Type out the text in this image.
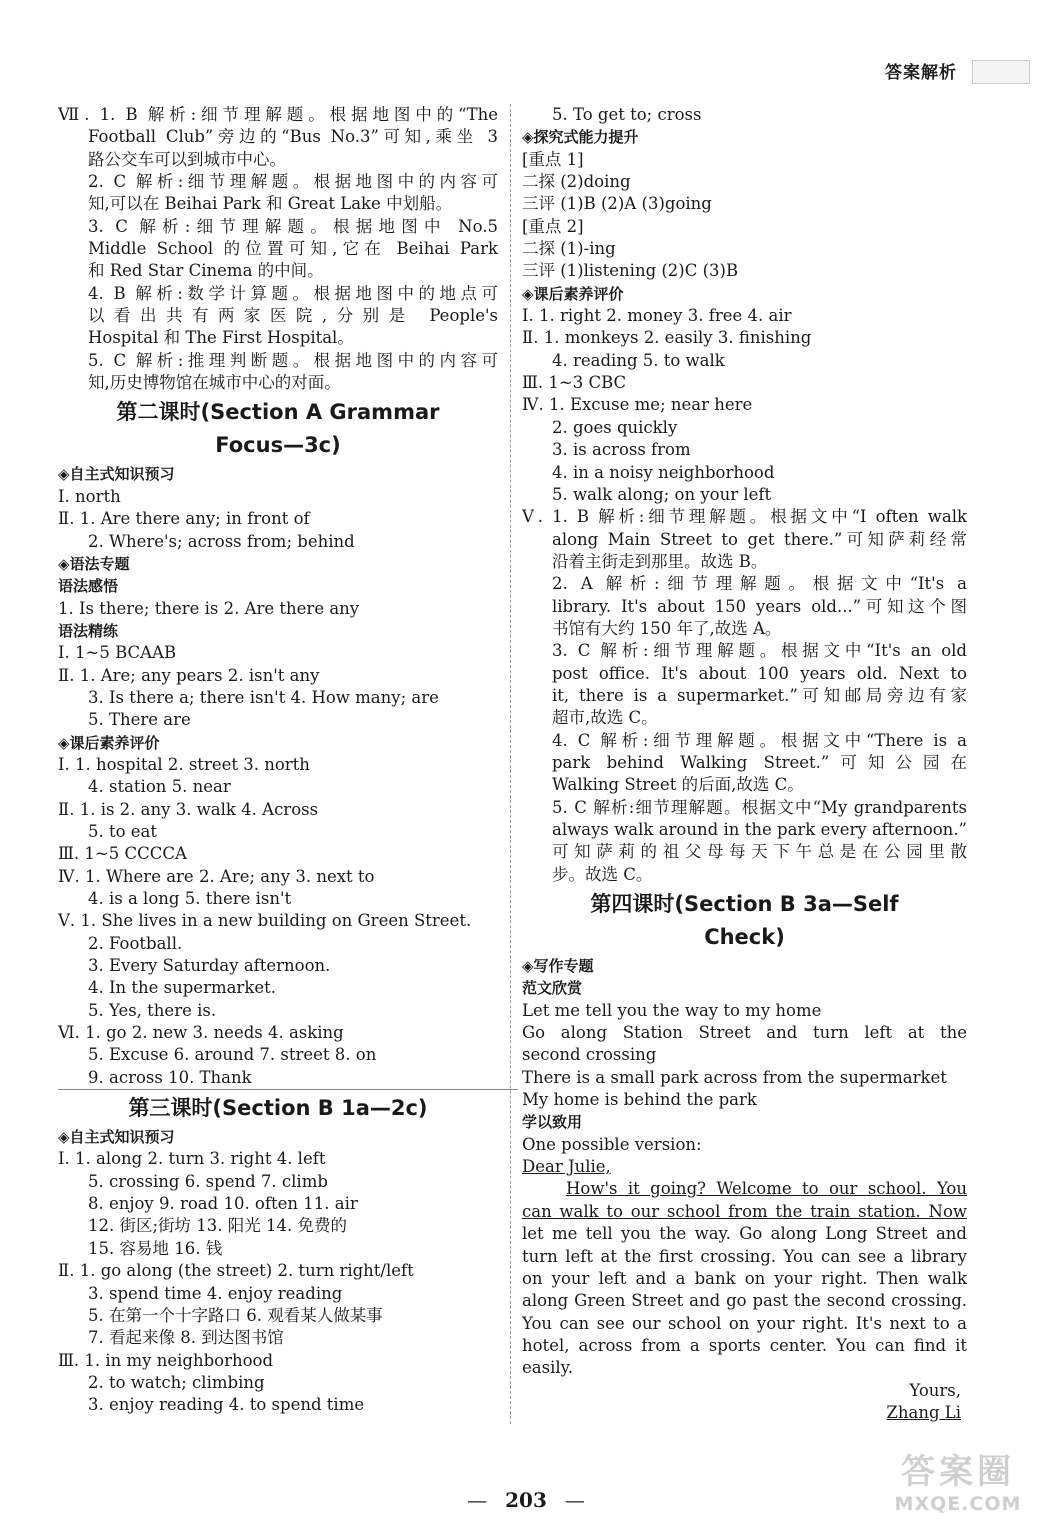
答案解析
Ⅶ. 1. B 解析:细节理解题。根据地图中的“The
Football Club”旁边的“Bus No.3”可知,乘坐 3
路公交车可以到城市中心。
2. C 解析:细节理解题。根据地图中的内容可
知,可以在 Beihai Park 和 Great Lake 中划船。
3. C 解析:细节理解题。根据地图中 No.5
Middle School 的位置可知,它在 Beihai Park
和 Red Star Cinema 的中间。
4. B 解析:数学计算题。根据地图中的地点可
以看出共有两家医院,分别是 People's
Hospital 和 The First Hospital。
5. C 解析:推理判断题。根据地图中的内容可
知,历史博物馆在城市中心的对面。
第二课时(Section A Grammar
Focus—3c)
◈自主式知识预习
Ⅰ. north
Ⅱ. 1. Are there any; in front of
2. Where's; across from; behind
◈语法专题
语法感悟
1. Is there; there is 2. Are there any
语法精练
Ⅰ. 1~5 BCAAB
Ⅱ. 1. Are; any pears 2. isn't any
3. Is there a; there isn't 4. How many; are
5. There are
◈课后素养评价
Ⅰ. 1. hospital 2. street 3. north
4. station 5. near
Ⅱ. 1. is 2. any 3. walk 4. Across
5. to eat
Ⅲ. 1~5 CCCCA
Ⅳ. 1. Where are 2. Are; any 3. next to
4. is a long 5. there isn't
Ⅴ. 1. She lives in a new building on Green Street.
2. Football.
3. Every Saturday afternoon.
4. In the supermarket.
5. Yes, there is.
Ⅵ. 1. go 2. new 3. needs 4. asking
5. Excuse 6. around 7. street 8. on
9. across 10. Thank
第三课时(Section B 1a—2c)
◈自主式知识预习
Ⅰ. 1. along 2. turn 3. right 4. left
5. crossing 6. spend 7. climb
8. enjoy 9. road 10. often 11. air
12. 街区;街坊 13. 阳光 14. 免费的
15. 容易地 16. 钱
Ⅱ. 1. go along (the street) 2. turn right/left
3. spend time 4. enjoy reading
5. 在第一个十字路口 6. 观看某人做某事
7. 看起来像 8. 到达图书馆
Ⅲ. 1. in my neighborhood
2. to watch; climbing
3. enjoy reading 4. to spend time
5. To get to; cross
◈探究式能力提升
[重点 1]
二探 (2)doing
三评 (1)B (2)A (3)going
[重点 2]
二探 (1)-ing
三评 (1)listening (2)C (3)B
◈课后素养评价
Ⅰ. 1. right 2. money 3. free 4. air
Ⅱ. 1. monkeys 2. easily 3. finishing
4. reading 5. to walk
Ⅲ. 1~3 CBC
Ⅳ. 1. Excuse me; near here
2. goes quickly
3. is across from
4. in a noisy neighborhood
5. walk along; on your left
Ⅴ. 1. B 解析:细节理解题。根据文中“I often walk
along Main Street to get there.”可知萨莉经常
沿着主街走到那里。故选 B。
2. A 解析:细节理解题。根据文中“It's a
library. It's about 150 years old...”可知这个图
书馆有大约 150 年了,故选 A。
3. C 解析:细节理解题。根据文中“It's an old
post office. It's about 100 years old. Next to
it, there is a supermarket.”可知邮局旁边有家
超市,故选 C。
4. C 解析:细节理解题。根据文中“There is a
park behind Walking Street.”可知公园在
Walking Street 的后面,故选 C。
5. C 解析:细节理解题。根据文中“My grandparents
always walk around in the park every afternoon.”
可知萨莉的祖父母每天下午总是在公园里散
步。故选 C。
第四课时(Section B 3a—Self
Check)
◈写作专题
范文欣赏
Let me tell you the way to my home
Go along Station Street and turn left at the
second crossing
There is a small park across from the supermarket
My home is behind the park
学以致用
One possible version:
Dear Julie,
How's it going? Welcome to our school. You
can walk to our school from the train station. Now
let me tell you the way. Go along Long Street and
turn left at the first crossing. You can see a library
on your left and a bank on your right. Then walk
along Green Street and go past the second crossing.
You can see our school on your right. It's next to a
hotel, across from a sports center. You can find it
easily.
Yours,
Zhang Li
— 203 —
答案圈
MXQE.COM
